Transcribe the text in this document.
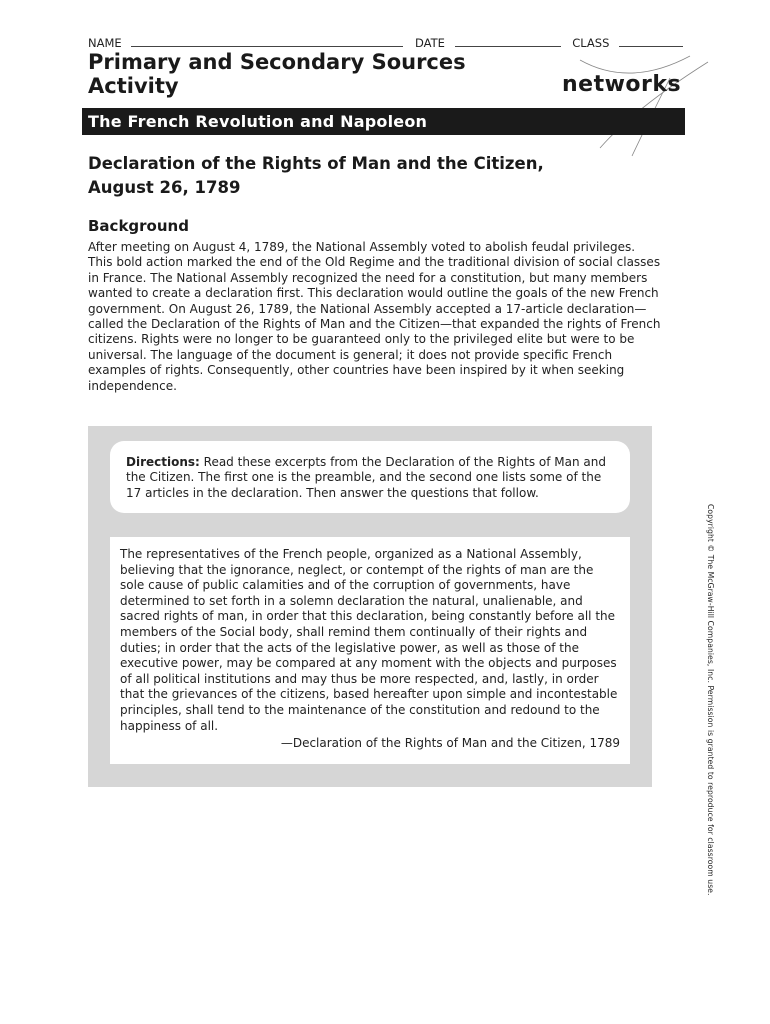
NAME	DATE	CLASS
Primary and Secondary Sources
Activity	networks
The French Revolution and Napoleon
Declaration of the Rights of Man and the Citizen,
August 26, 1789
Background
After meeting on August 4, 1789, the National Assembly voted to abolish feudal privileges. This bold action marked the end of the Old Regime and the traditional division of social classes in France. The National Assembly recognized the need for a constitution, but many members wanted to create a declaration first. This declaration would outline the goals of the new French government. On August 26, 1789, the National Assembly accepted a 17-article declaration—called the Declaration of the Rights of Man and the Citizen—that expanded the rights of French citizens. Rights were no longer to be guaranteed only to the privileged elite but were to be universal. The language of the document is general; it does not provide specific French examples of rights. Consequently, other countries have been inspired by it when seeking independence.
Directions: Read these excerpts from the Declaration of the Rights of Man and the Citizen. The first one is the preamble, and the second one lists some of the 17 articles in the declaration. Then answer the questions that follow.
The representatives of the French people, organized as a National Assembly, believing that the ignorance, neglect, or contempt of the rights of man are the sole cause of public calamities and of the corruption of governments, have determined to set forth in a solemn declaration the natural, unalienable, and sacred rights of man, in order that this declaration, being constantly before all the members of the Social body, shall remind them continually of their rights and duties; in order that the acts of the legislative power, as well as those of the executive power, may be compared at any moment with the objects and purposes of all political institutions and may thus be more respected, and, lastly, in order that the grievances of the citizens, based hereafter upon simple and incontestable principles, shall tend to the maintenance of the constitution and redound to the happiness of all.
—Declaration of the Rights of Man and the Citizen, 1789	Copyright © The McGraw-Hill Companies, Inc. Permission is granted to reproduce for classroom use.
